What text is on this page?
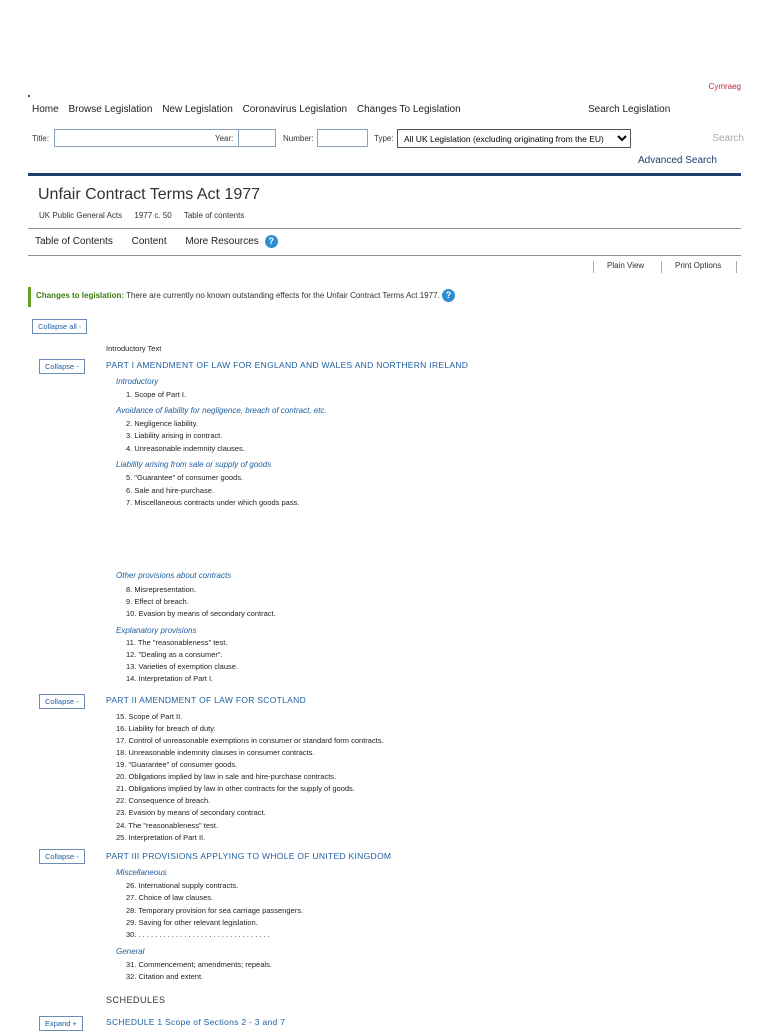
Cymraeg
Home Browse Legislation New Legislation Coronavirus Legislation Changes To Legislation	Search Legislation
Title:	Year:	Number:	Type:
All UK Legislation (excluding originating from the EU)	Search
Advanced Search
Unfair Contract Terms Act 1977
UK Public General Acts 1977 c. 50 Table of contents
Table of Contents Content More Resources ?
Plain View	Print Options
Changes to legislation: There are currently no known outstanding effects for the Unfair Contract Terms Act 1977. ?
Collapse all -
Introductory Text
Collapse -	PART I AMENDMENT OF LAW FOR ENGLAND AND WALES AND NORTHERN IRELAND
Introductory
1. Scope of Part I.
Avoidance of liability for negligence, breach of contract, etc.
2. Negligence liability.
3. Liability arising in contract.
4. Unreasonable indemnity clauses.
Liability arising from sale or supply of goods
5. "Guarantee" of consumer goods.
6. Sale and hire-purchase.
7. Miscellaneous contracts under which goods pass.
Other provisions about contracts
8. Misrepresentation.
9. Effect of breach.
10. Evasion by means of secondary contract.
Explanatory provisions
11. The "reasonableness" test.
12. "Dealing as a consumer".
13. Varieties of exemption clause.
14. Interpretation of Part I.
Collapse -	PART II AMENDMENT OF LAW FOR SCOTLAND
15. Scope of Part II.
16. Liability for breach of duty.
17. Control of unreasonable exemptions in consumer or standard form contracts.
18. Unreasonable indemnity clauses in consumer contracts.
19. "Guarantee" of consumer goods.
20. Obligations implied by law in sale and hire-purchase contracts.
21. Obligations implied by law in other contracts for the supply of goods.
22. Consequence of breach.
23. Evasion by means of secondary contract.
24. The "reasonableness" test.
25. Interpretation of Part II.
Collapse -	PART III PROVISIONS APPLYING TO WHOLE OF UNITED KINGDOM
Miscellaneous
26. International supply contracts.
27. Choice of law clauses.
28. Temporary provision for sea carriage passengers.
29. Saving for other relevant legislation.
30. . . . . . . . . . . . . . . . . . . . . . . . . . . . . . . . .
General
31. Commencement; amendments; repeals.
32. Citation and extent.
SCHEDULES
Expand +	SCHEDULE 1 Scope of Sections 2 - 3 and 7
